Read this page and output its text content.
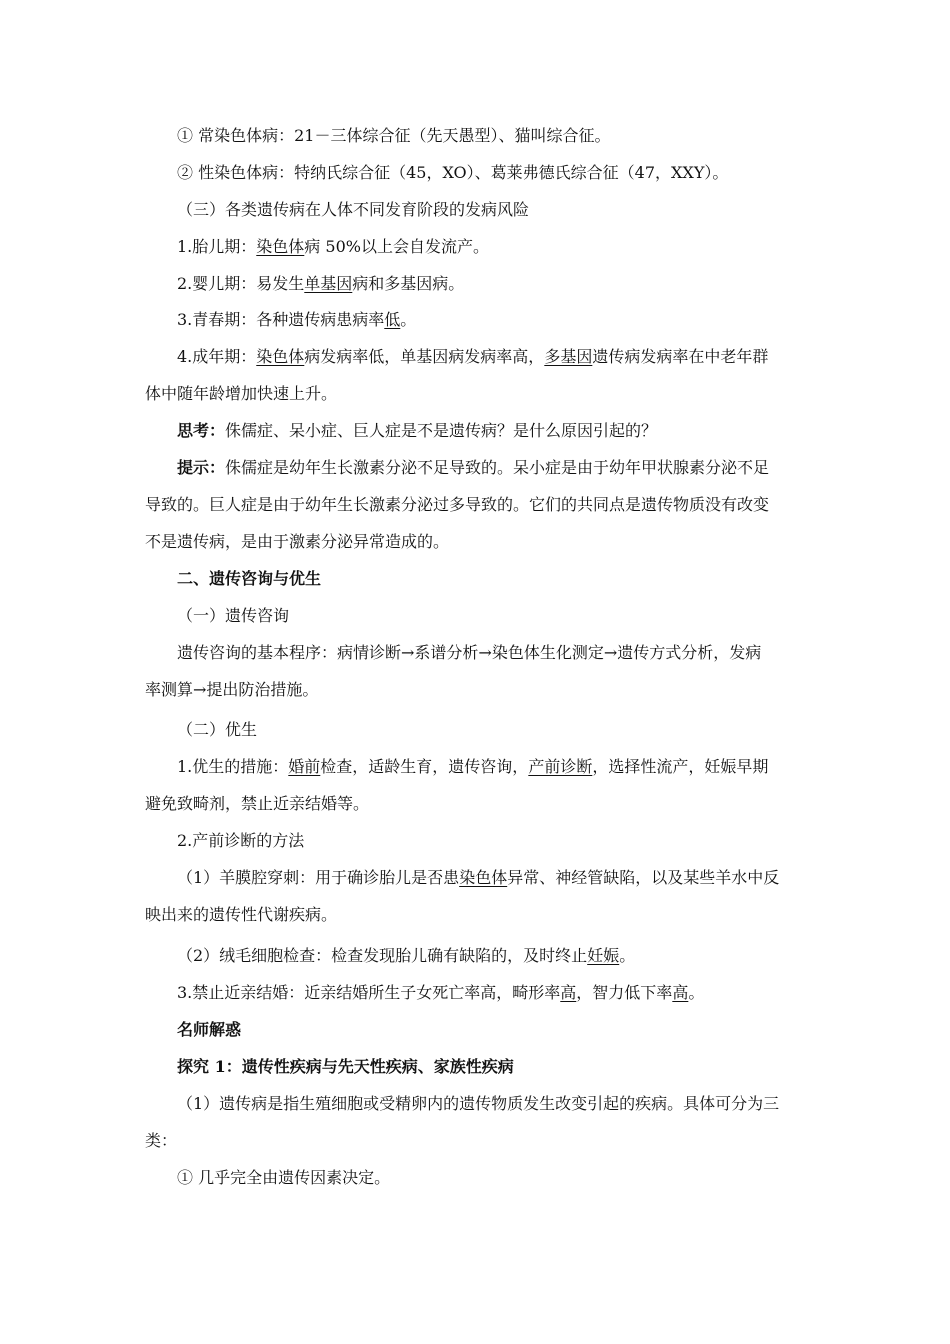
① 常染色体病：21－三体综合征（先天愚型）、猫叫综合征。

② 性染色体病：特纳氏综合征（45，XO）、葛莱弗德氏综合征（47，XXY）。

（三）各类遗传病在人体不同发育阶段的发病风险

1.胎儿期：染色体病 50%以上会自发流产。

2.婴儿期：易发生单基因病和多基因病。

3.青春期：各种遗传病患病率低。

4.成年期：染色体病发病率低，单基因病发病率高，多基因遗传病发病率在中老年群

体中随年龄增加快速上升。

思考：侏儒症、呆小症、巨人症是不是遗传病？是什么原因引起的？

提示：侏儒症是幼年生长激素分泌不足导致的。呆小症是由于幼年甲状腺素分泌不足

导致的。巨人症是由于幼年生长激素分泌过多导致的。它们的共同点是遗传物质没有改变

不是遗传病，是由于激素分泌异常造成的。

二、遗传咨询与优生

（一）遗传咨询

遗传咨询的基本程序：病情诊断→系谱分析→染色体生化测定→遗传方式分析，发病

率测算→提出防治措施。

（二）优生

1.优生的措施：婚前检查，适龄生育，遗传咨询，产前诊断，选择性流产，妊娠早期

避免致畸剂，禁止近亲结婚等。

2.产前诊断的方法

（1）羊膜腔穿刺：用于确诊胎儿是否患染色体异常、神经管缺陷，以及某些羊水中反

映出来的遗传性代谢疾病。

（2）绒毛细胞检查：检查发现胎儿确有缺陷的，及时终止妊娠。

3.禁止近亲结婚：近亲结婚所生子女死亡率高，畸形率高，智力低下率高。

名师解惑

探究 1：遗传性疾病与先天性疾病、家族性疾病

（1）遗传病是指生殖细胞或受精卵内的遗传物质发生改变引起的疾病。具体可分为三

类：

① 几乎完全由遗传因素决定。
